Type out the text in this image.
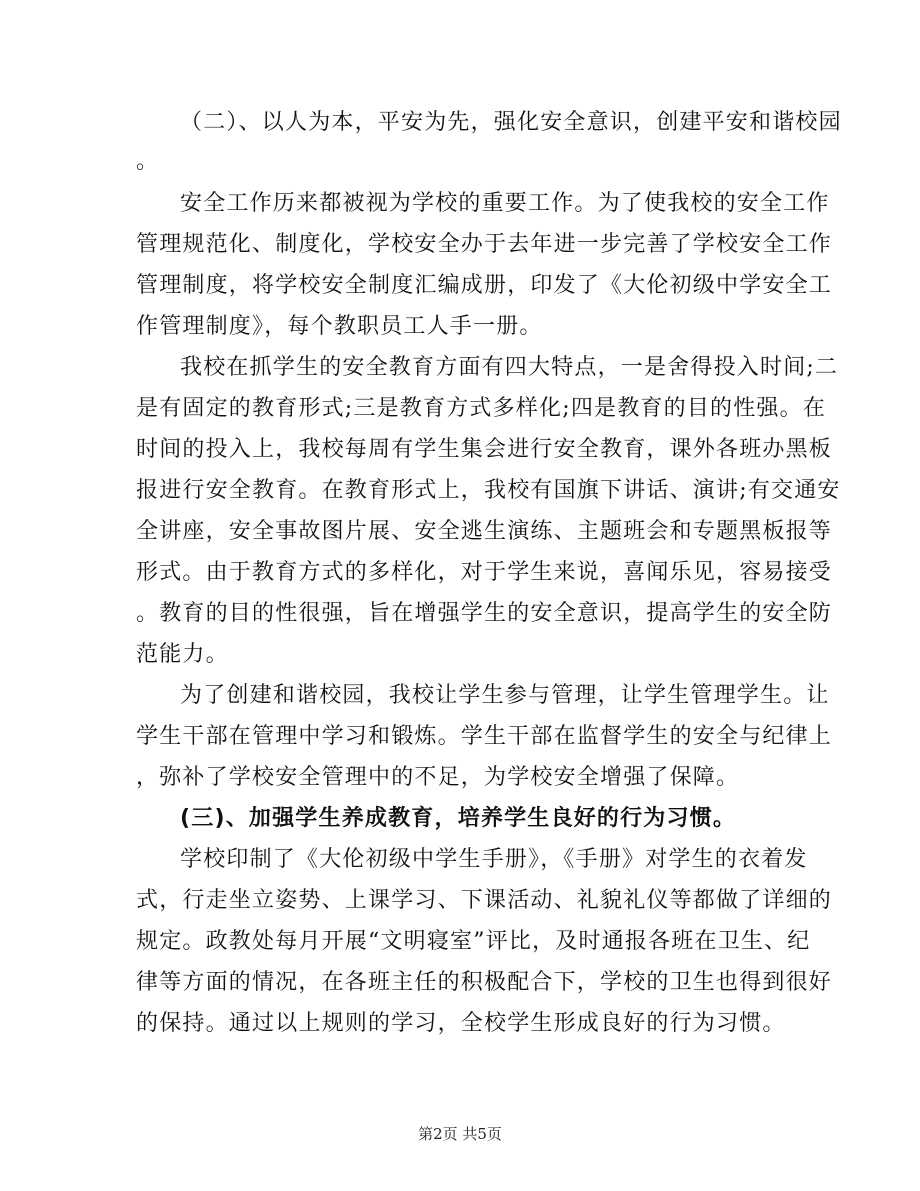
（二）、以人为本，平安为先，强化安全意识，创建平安和谐校园
。
安全工作历来都被视为学校的重要工作。为了使我校的安全工作
管理规范化、制度化，学校安全办于去年进一步完善了学校安全工作
管理制度，将学校安全制度汇编成册，印发了《大伦初级中学安全工
作管理制度》，每个教职员工人手一册。
我校在抓学生的安全教育方面有四大特点，一是舍得投入时间;二
是有固定的教育形式;三是教育方式多样化;四是教育的目的性强。在
时间的投入上，我校每周有学生集会进行安全教育，课外各班办黑板
报进行安全教育。在教育形式上，我校有国旗下讲话、演讲;有交通安
全讲座，安全事故图片展、安全逃生演练、主题班会和专题黑板报等
形式。由于教育方式的多样化，对于学生来说，喜闻乐见，容易接受
。教育的目的性很强，旨在增强学生的安全意识，提高学生的安全防
范能力。
为了创建和谐校园，我校让学生参与管理，让学生管理学生。让
学生干部在管理中学习和锻炼。学生干部在监督学生的安全与纪律上
，弥补了学校安全管理中的不足，为学校安全增强了保障。
(三)、加强学生养成教育，培养学生良好的行为习惯。
学校印制了《大伦初级中学生手册》，《手册》对学生的衣着发
式，行走坐立姿势、上课学习、下课活动、礼貌礼仪等都做了详细的
规定。政教处每月开展“文明寝室”评比，及时通报各班在卫生、纪
律等方面的情况，在各班主任的积极配合下，学校的卫生也得到很好
的保持。通过以上规则的学习，全校学生形成良好的行为习惯。
第2页 共5页
